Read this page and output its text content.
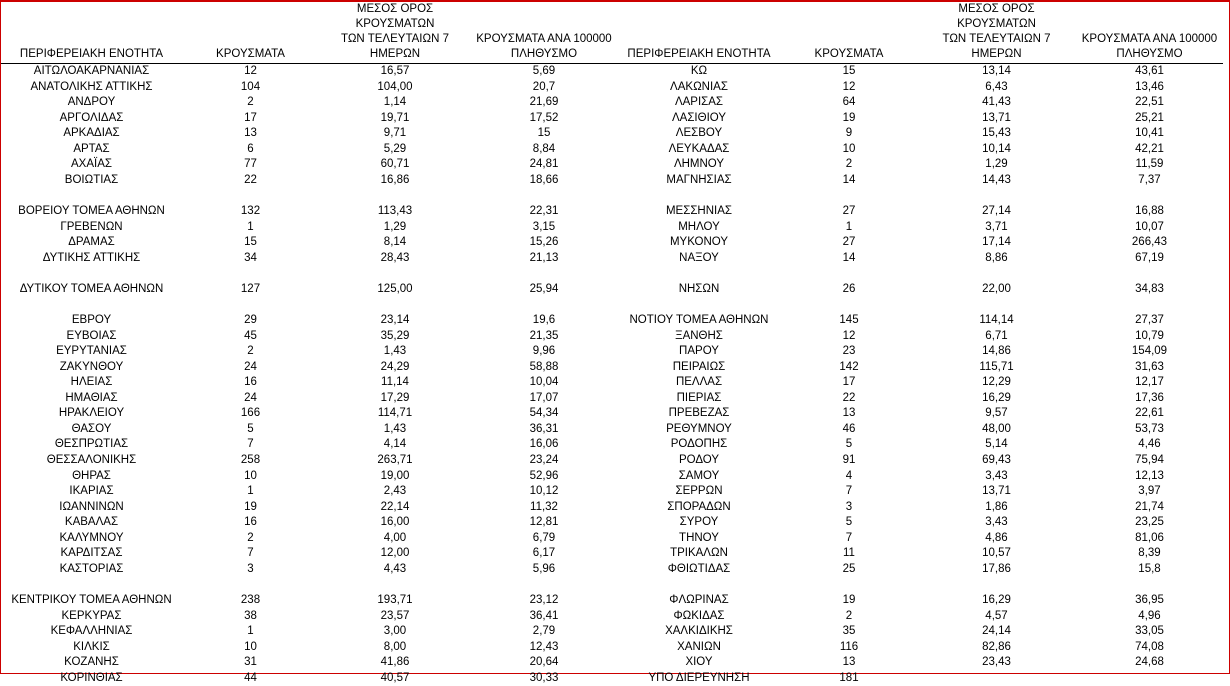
ΠΕΡΙΦΕΡΕΙΑΚΗ ΕΝΟΤΗΤΑ	ΚΡΟΥΣΜΑΤΑ	ΜΕΣΟΣ ΟΡΟΣ ΚΡΟΥΣΜΑΤΩΝ
ΤΩΝ ΤΕΛΕΥΤΑΙΩΝ 7
ΗΜΕΡΩΝ	ΚΡΟΥΣΜΑΤΑ ΑΝΑ 100000
ΠΛΗΘΥΣΜΟ
ΑΙΤΩΛΟΑΚΑΡΝΑΝΙΑΣ	12	16,57	5,69
ΑΝΑΤΟΛΙΚΗΣ ΑΤΤΙΚΗΣ	104	104,00	20,7
ΑΝΔΡΟΥ	2	1,14	21,69
ΑΡΓΟΛΙΔΑΣ	17	19,71	17,52
ΑΡΚΑΔΙΑΣ	13	9,71	15
ΑΡΤΑΣ	6	5,29	8,84
ΑΧΑΪΑΣ	77	60,71	24,81
ΒΟΙΩΤΙΑΣ	22	16,86	18,66

ΒΟΡΕΙΟΥ ΤΟΜΕΑ ΑΘΗΝΩΝ	132	113,43	22,31
ΓΡΕΒΕΝΩΝ	1	1,29	3,15
ΔΡΑΜΑΣ	15	8,14	15,26
ΔΥΤΙΚΗΣ ΑΤΤΙΚΗΣ	34	28,43	21,13

ΔΥΤΙΚΟΥ ΤΟΜΕΑ ΑΘΗΝΩΝ	127	125,00	25,94

ΕΒΡΟΥ	29	23,14	19,6
ΕΥΒΟΙΑΣ	45	35,29	21,35
ΕΥΡΥΤΑΝΙΑΣ	2	1,43	9,96
ΖΑΚΥΝΘΟΥ	24	24,29	58,88
ΗΛΕΙΑΣ	16	11,14	10,04
ΗΜΑΘΙΑΣ	24	17,29	17,07
ΗΡΑΚΛΕΙΟΥ	166	114,71	54,34
ΘΑΣΟΥ	5	1,43	36,31
ΘΕΣΠΡΩΤΙΑΣ	7	4,14	16,06
ΘΕΣΣΑΛΟΝΙΚΗΣ	258	263,71	23,24
ΘΗΡΑΣ	10	19,00	52,96
ΙΚΑΡΙΑΣ	1	2,43	10,12
ΙΩΑΝΝΙΝΩΝ	19	22,14	11,32
ΚΑΒΑΛΑΣ	16	16,00	12,81
ΚΑΛΥΜΝΟΥ	2	4,00	6,79
ΚΑΡΔΙΤΣΑΣ	7	12,00	6,17
ΚΑΣΤΟΡΙΑΣ	3	4,43	5,96

ΚΕΝΤΡΙΚΟΥ ΤΟΜΕΑ ΑΘΗΝΩΝ	238	193,71	23,12
ΚΕΡΚΥΡΑΣ	38	23,57	36,41
ΚΕΦΑΛΛΗΝΙΑΣ	1	3,00	2,79
ΚΙΛΚΙΣ	10	8,00	12,43
ΚΟΖΑΝΗΣ	31	41,86	20,64
ΚΟΡΙΝΘΙΑΣ	44	40,57	30,33
ΠΕΡΙΦΕΡΕΙΑΚΗ ΕΝΟΤΗΤΑ	ΚΡΟΥΣΜΑΤΑ	ΜΕΣΟΣ ΟΡΟΣ ΚΡΟΥΣΜΑΤΩΝ
ΤΩΝ ΤΕΛΕΥΤΑΙΩΝ 7
ΗΜΕΡΩΝ	ΚΡΟΥΣΜΑΤΑ ΑΝΑ 100000
ΠΛΗΘΥΣΜΟ
ΚΩ	15	13,14	43,61
ΛΑΚΩΝΙΑΣ	12	6,43	13,46
ΛΑΡΙΣΑΣ	64	41,43	22,51
ΛΑΣΙΘΙΟΥ	19	13,71	25,21
ΛΕΣΒΟΥ	9	15,43	10,41
ΛΕΥΚΑΔΑΣ	10	10,14	42,21
ΛΗΜΝΟΥ	2	1,29	11,59
ΜΑΓΝΗΣΙΑΣ	14	14,43	7,37

ΜΕΣΣΗΝΙΑΣ	27	27,14	16,88
ΜΗΛΟΥ	1	3,71	10,07
ΜΥΚΟΝΟΥ	27	17,14	266,43
ΝΑΞΟΥ	14	8,86	67,19

ΝΗΣΩΝ	26	22,00	34,83

ΝΟΤΙΟΥ ΤΟΜΕΑ ΑΘΗΝΩΝ	145	114,14	27,37
ΞΑΝΘΗΣ	12	6,71	10,79
ΠΑΡΟΥ	23	14,86	154,09
ΠΕΙΡΑΙΩΣ	142	115,71	31,63
ΠΕΛΛΑΣ	17	12,29	12,17
ΠΙΕΡΙΑΣ	22	16,29	17,36
ΠΡΕΒΕΖΑΣ	13	9,57	22,61
ΡΕΘΥΜΝΟΥ	46	48,00	53,73
ΡΟΔΟΠΗΣ	5	5,14	4,46
ΡΟΔΟΥ	91	69,43	75,94
ΣΑΜΟΥ	4	3,43	12,13
ΣΕΡΡΩΝ	7	13,71	3,97
ΣΠΟΡΑΔΩΝ	3	1,86	21,74
ΣΥΡΟΥ	5	3,43	23,25
ΤΗΝΟΥ	7	4,86	81,06
ΤΡΙΚΑΛΩΝ	11	10,57	8,39
ΦΘΙΩΤΙΔΑΣ	25	17,86	15,8

ΦΛΩΡΙΝΑΣ	19	16,29	36,95
ΦΩΚΙΔΑΣ	2	4,57	4,96
ΧΑΛΚΙΔΙΚΗΣ	35	24,14	33,05
ΧΑΝΙΩΝ	116	82,86	74,08
ΧΙΟΥ	13	23,43	24,68
ΥΠΟ ΔΙΕΡΕΥΝΗΣΗ	181		
